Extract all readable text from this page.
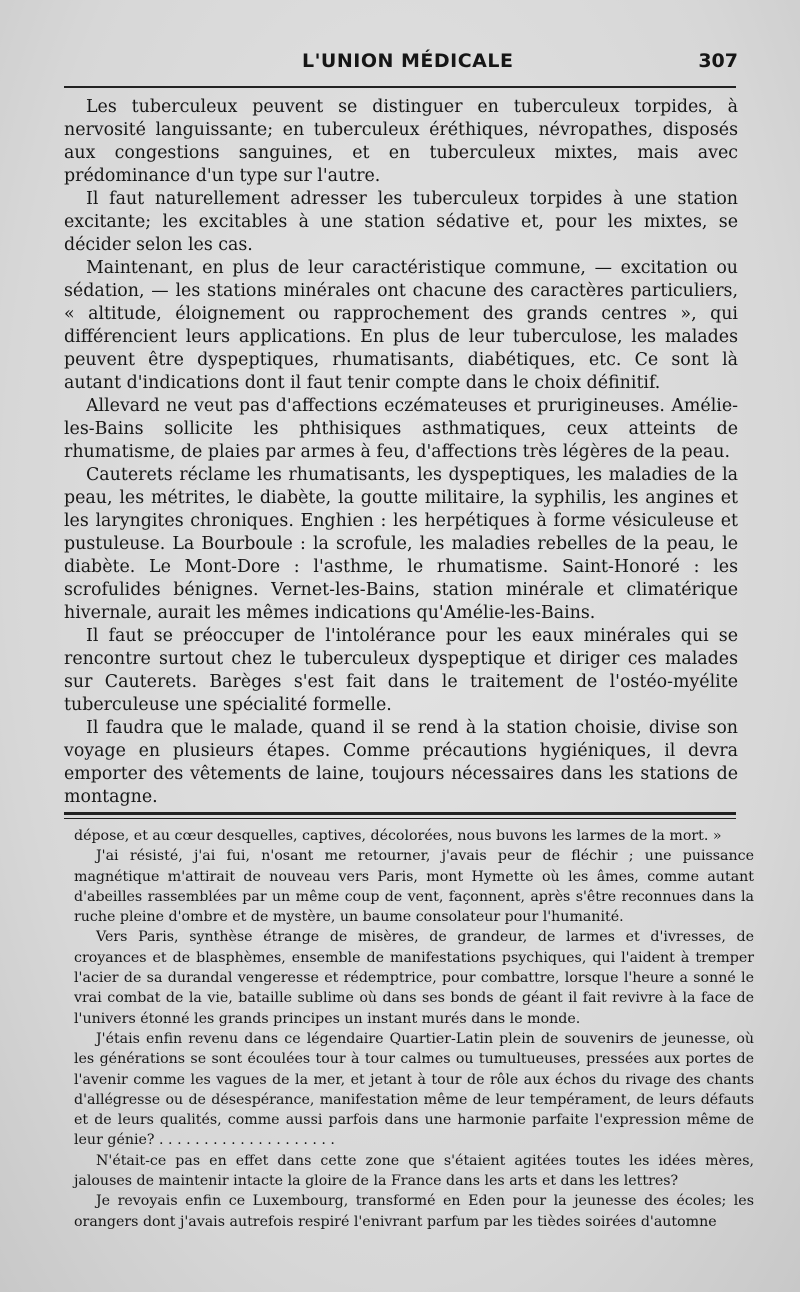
L'UNION MÉDICALE	307

Les tuberculeux peuvent se distinguer en tuberculeux torpides, à nervosité languissante; en tuberculeux éréthiques, névropathes, disposés aux congestions sanguines, et en tuberculeux mixtes, mais avec prédominance d'un type sur l'autre.

Il faut naturellement adresser les tuberculeux torpides à une station excitante; les excitables à une station sédative et, pour les mixtes, se décider selon les cas.

Maintenant, en plus de leur caractéristique commune, — excitation ou sédation, — les stations minérales ont chacune des caractères particuliers, « altitude, éloignement ou rapprochement des grands centres », qui différencient leurs applications. En plus de leur tuberculose, les malades peuvent être dyspeptiques, rhumatisants, diabétiques, etc. Ce sont là autant d'indications dont il faut tenir compte dans le choix définitif.

Allevard ne veut pas d'affections eczémateuses et prurigineuses. Amélie-les-Bains sollicite les phthisiques asthmatiques, ceux atteints de rhumatisme, de plaies par armes à feu, d'affections très légères de la peau.

Cauterets réclame les rhumatisants, les dyspeptiques, les maladies de la peau, les métrites, le diabète, la goutte militaire, la syphilis, les angines et les laryngites chroniques. Enghien : les herpétiques à forme vésiculeuse et pustuleuse. La Bourboule : la scrofule, les maladies rebelles de la peau, le diabète. Le Mont-Dore : l'asthme, le rhumatisme. Saint-Honoré : les scrofulides bénignes. Vernet-les-Bains, station minérale et climatérique hivernale, aurait les mêmes indications qu'Amélie-les-Bains.

Il faut se préoccuper de l'intolérance pour les eaux minérales qui se rencontre surtout chez le tuberculeux dyspeptique et diriger ces malades sur Cauterets. Barèges s'est fait dans le traitement de l'ostéo-myélite tuberculeuse une spécialité formelle.

Il faudra que le malade, quand il se rend à la station choisie, divise son voyage en plusieurs étapes. Comme précautions hygiéniques, il devra emporter des vêtements de laine, toujours nécessaires dans les stations de montagne.

dépose, et au cœur desquelles, captives, décolorées, nous buvons les larmes de la mort. »

J'ai résisté, j'ai fui, n'osant me retourner, j'avais peur de fléchir ; une puissance magnétique m'attirait de nouveau vers Paris, mont Hymette où les âmes, comme autant d'abeilles rassemblées par un même coup de vent, façonnent, après s'être reconnues dans la ruche pleine d'ombre et de mystère, un baume consolateur pour l'humanité.

Vers Paris, synthèse étrange de misères, de grandeur, de larmes et d'ivresses, de croyances et de blasphèmes, ensemble de manifestations psychiques, qui l'aident à tremper l'acier de sa durandal vengeresse et rédemptrice, pour combattre, lorsque l'heure a sonné le vrai combat de la vie, bataille sublime où dans ses bonds de géant il fait revivre à la face de l'univers étonné les grands principes un instant murés dans le monde.

J'étais enfin revenu dans ce légendaire Quartier-Latin plein de souvenirs de jeunesse, où les générations se sont écoulées tour à tour calmes ou tumultueuses, pressées aux portes de l'avenir comme les vagues de la mer, et jetant à tour de rôle aux échos du rivage des chants d'allégresse ou de désespérance, manifestation même de leur tempérament, de leurs défauts et de leurs qualités, comme aussi parfois dans une harmonie parfaite l'expression même de leur génie? . . . . . . . . . . . . . . . . . . . .

N'était-ce pas en effet dans cette zone que s'étaient agitées toutes les idées mères, jalouses de maintenir intacte la gloire de la France dans les arts et dans les lettres?

Je revoyais enfin ce Luxembourg, transformé en Eden pour la jeunesse des écoles; les orangers dont j'avais autrefois respiré l'enivrant parfum par les tièdes soirées d'automne
